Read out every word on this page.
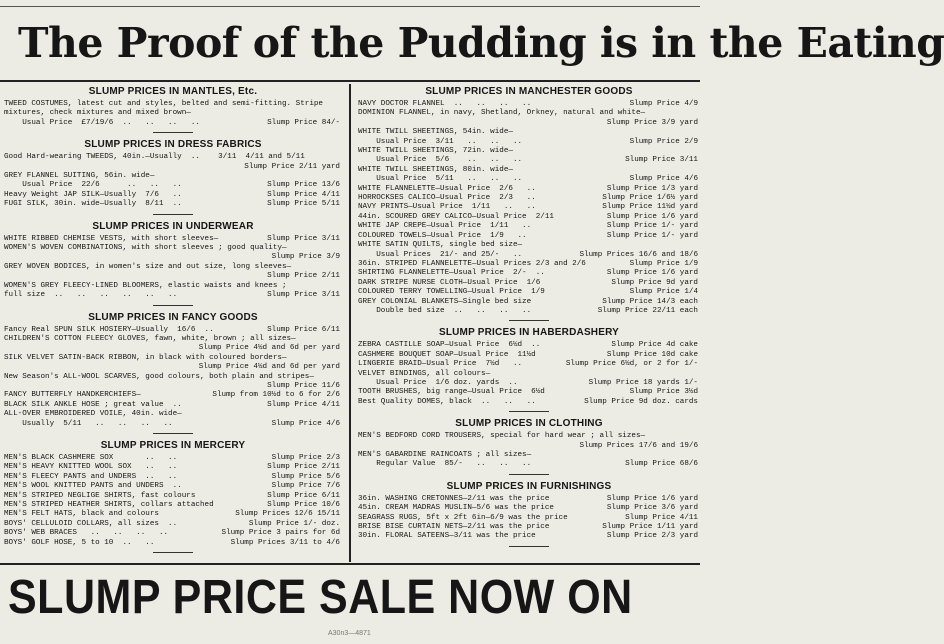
The Proof of the Pudding is in the Eating
SLUMP PRICES IN MANTLES, Etc.
TWEED COSTUMES, latest cut and styles, belted and semi-fitting. Stripe
mixtures, check mixtures and mixed brown—
Usual Price  £7/19/6  ..   ..   ..   ..	Slump Price 84/-
SLUMP PRICES IN DRESS FABRICS
Good Hard-wearing TWEEDS, 40in.—Usually  ..    3/11  4/11 and 5/11
Slump Price 2/11 yard
GREY FLANNEL SUITING, 56in. wide—
Usual Price  22/6      ..   ..   ..	Slump Price 13/6
Heavy Weight JAP SILK—Usually  7/6   ..	Slump Price 4/11
FUGI SILK, 30in. wide—Usually  8/11  ..	Slump Price 5/11
SLUMP PRICES IN UNDERWEAR
WHITE RIBBED CHEMISE VESTS, with short sleeves—	Slump Price 3/11
WOMEN'S WOVEN COMBINATIONS, with short sleeves ; good quality—
Slump Price 3/9
GREY WOVEN BODICES, in women's size and out size, long sleeves—
Slump Price 2/11
WOMEN'S GREY FLEECY-LINED BLOOMERS, elastic waists and knees ;
full size  ..   ..   ..   ..   ..   ..	Slump Price 3/11
SLUMP PRICES IN FANCY GOODS
Fancy Real SPUN SILK HOSIERY—Usually  16/6  ..	Slump Price 6/11
CHILDREN'S COTTON FLEECY GLOVES, fawn, white, brown ; all sizes—
Slump Price 4½d and 6d per yard
SILK VELVET SATIN-BACK RIBBON, in black with coloured borders—
Slump Price 4½d and 6d per yard
New Season's ALL-WOOL SCARVES, good colours, both plain and stripes—
Slump Price 11/6
FANCY BUTTERFLY HANDKERCHIEFS—	Slump from 10½d to 6 for 2/6
BLACK SILK ANKLE HOSE ; great value  ..	Slump Price 4/11
ALL-OVER EMBROIDERED VOILE, 40in. wide—
Usually  5/11   ..   ..   ..   ..	Slump Price 4/6
SLUMP PRICES IN MERCERY
MEN'S BLACK CASHMERE SOX       ..   ..	Slump Price 2/3
MEN'S HEAVY KNITTED WOOL SOX   ..   ..	Slump Price 2/11
MEN'S FLEECY PANTS and UNDERS  ..   ..	Slump Price 5/6
MEN'S WOOL KNITTED PANTS and UNDERS  ..	Slump Price 7/6
MEN'S STRIPED NEGLIGE SHIRTS, fast colours	Slump Price 6/11
MEN'S STRIPED HEATHER SHIRTS, collars attached	Slump Price 10/6
MEN'S FELT HATS, black and colours	Slump Prices 12/6 15/11
BOYS' CELLULOID COLLARS, all sizes  ..	Slump Price 1/- doz.
BOYS' WEB BRACES   ..   ..   ..   ..	Slump Price 3 pairs for 6d
BOYS' GOLF HOSE, 5 to 10  ..   ..	Slump Prices 3/11 to 4/6
SLUMP PRICES IN MANCHESTER GOODS
NAVY DOCTOR FLANNEL  ..   ..   ..   ..	Slump Price 4/9
DOMINION FLANNEL, in navy, Shetland, Orkney, natural and white—
Slump Price 3/9 yard
WHITE TWILL SHEETINGS, 54in. wide—
Usual Price  3/11   ..   ..   ..	Slump Price 2/9
WHITE TWILL SHEETINGS, 72in. wide—
Usual Price  5/6    ..   ..   ..	Slump Price 3/11
WHITE TWILL SHEETINGS, 80in. wide—
Usual Price  5/11   ..   ..   ..	Slump Price 4/6
WHITE FLANNELETTE—Usual Price  2/6   ..	Slump Price 1/3 yard
HORROCKSES CALICO—Usual Price  2/3   ..	Slump Price 1/6½ yard
NAVY PRINTS—Usual Price  1/11   ..   ..	Slump Price 11½d yard
44in. SCOURED GREY CALICO—Usual Price  2/11	Slump Price 1/6 yard
WHITE JAP CREPE—Usual Price  1/11   ..	Slump Price 1/- yard
COLOURED TOWELS—Usual Price  1/9   ..	Slump Price 1/- yard
WHITE SATIN QUILTS, single bed size—
Usual Prices  21/- and 25/-   ..	Slump Prices 16/6 and 18/6
36in. STRIPED FLANNELETTE—Usual Prices 2/3 and 2/6	Slump Price 1/9
SHIRTING FLANNELETTE—Usual Price  2/-  ..	Slump Price 1/6 yard
DARK STRIPE NURSE CLOTH—Usual Price  1/6	Slump Price 9d yard
COLOURED TERRY TOWELLING—Usual Price  1/9	Slump Price 1/4
GREY COLONIAL BLANKETS—Single bed size	Slump Price 14/3 each
Double bed size  ..   ..   ..   ..	Slump Price 22/11 each
SLUMP PRICES IN HABERDASHERY
ZEBRA CASTILLE SOAP—Usual Price  6½d  ..	Slump Price 4d cake
CASHMERE BOUQUET SOAP—Usual Price  11½d	Slump Price 10d cake
LINGERIE BRAID—Usual Price  7½d   ..	Slump Price 6½d, or 2 for 1/-
VELVET BINDINGS, all colours—
Usual Price  1/6 doz. yards  ..	Slump Price 18 yards 1/-
TOOTH BRUSHES, big range—Usual Price  6½d	Slump Price 3½d
Best Quality DOMES, black  ..   ..   ..	Slump Price 9d doz. cards
SLUMP PRICES IN CLOTHING
MEN'S BEDFORD CORD TROUSERS, special for hard wear ; all sizes—
Slump Prices 17/6 and 19/6
MEN'S GABARDINE RAINCOATS ; all sizes—
Regular Value  85/-   ..   ..   ..	Slump Price 68/6
SLUMP PRICES IN FURNISHINGS
36in. WASHING CRETONNES—2/11 was the price	Slump Price 1/6 yard
45in. CREAM MADRAS MUSLIN—5/6 was the price	Slump Price 3/6 yard
SEAGRASS RUGS, 5ft x 2ft 6in—6/9 was the price	Slump Price 4/11
BRISE BISE CURTAIN NETS—2/11 was the price	Slump Price 1/11 yard
30in. FLORAL SATEENS—3/11 was the price	Slump Price 2/3 yard
SLUMP PRICE SALE NOW ON
A30n3—4871
